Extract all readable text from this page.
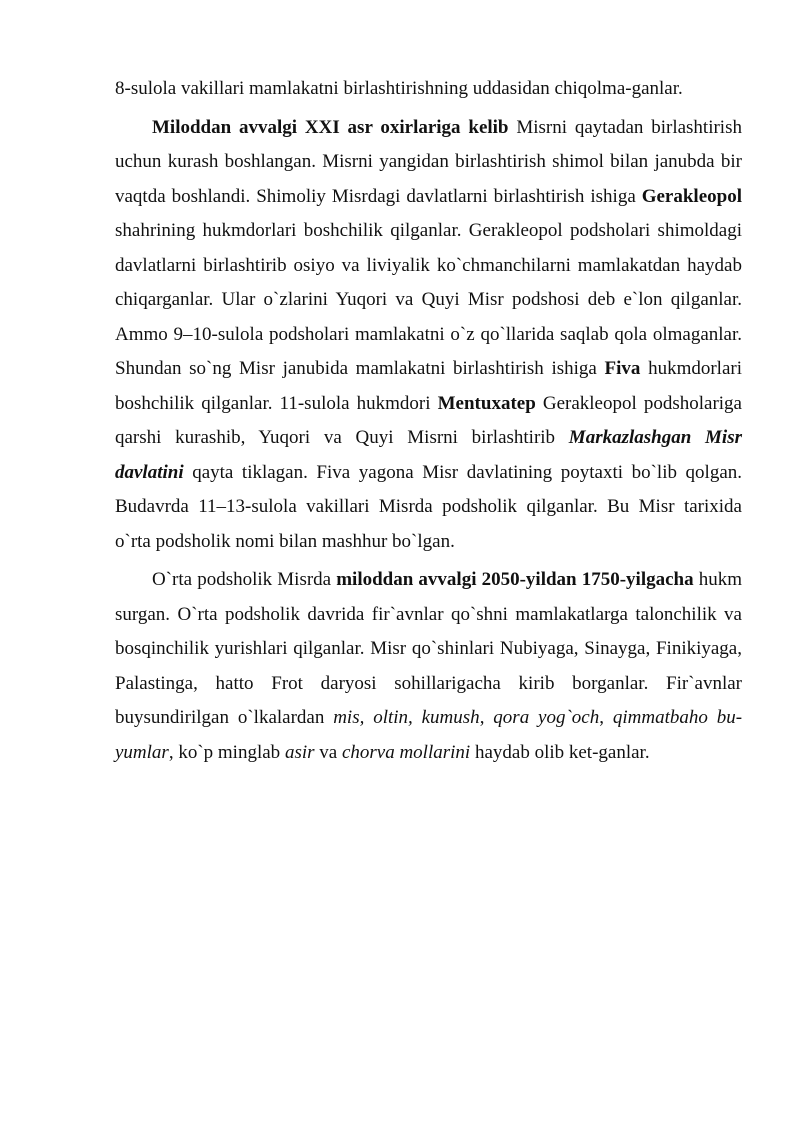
8-sulola vakillari mamlakatni birlashtirishning uddasidan chiqolma-ganlar.

Miloddan avvalgi XXI asr oxirlariga kelib Misrni qaytadan birlashtirish uchun kurash boshlangan. Misrni yangidan birlashtirish shimol bilan janubda bir vaqtda boshlandi. Shimoliy Misrdagi davlatlarni birlashtirish ishiga Gerakleopol shahrining hukmdorlari boshchilik qilganlar. Gerakleopol podsholari shimoldagi davlatlarni birlashtirib osiyo va liviyalik ko`chmanchilarni mamlakatdan haydab chiqarganlar. Ular o`zlarini Yuqori va Quyi Misr podshosi deb e`lon qilganlar. Ammo 9–10-sulola podsholari mamlakatni o`z qo`llarida saqlab qola olmaganlar. Shundan so`ng Misr janubida mamlakatni birlashtirish ishiga Fiva hukmdorlari boshchilik qilganlar. 11-sulola hukmdori Mentuxatep Gerakleopol podsholariga qarshi kurashib, Yuqori va Quyi Misrni birlashtirib Markazlashgan Misr davlatini qayta tiklagan. Fiva yagona Misr davlatining poytaxti bo`lib qolgan. Budavrda 11–13-sulola vakillari Misrda podsholik qilganlar. Bu Misr tarixida o`rta podsholik nomi bilan mashhur bo`lgan.

O`rta podsholik Misrda miloddan avvalgi 2050-yildan 1750-yilgacha hukm surgan. O`rta podsholik davrida fir`avnlar qo`shni mamlakatlarga talonchilik va bosqinchilik yurishlari qilganlar. Misr qo`shinlari Nubiyaga, Sinayga, Finikiyaga, Palastinga, hatto Frot daryosi sohillarigacha kirib borganlar. Fir`avnlar buysundirilgan o`lkalardan mis, oltin, kumush, qora yog`och, qimmatbaho bu-yumlar, ko`p minglab asir va chorva mollarini haydab olib ket-ganlar.
